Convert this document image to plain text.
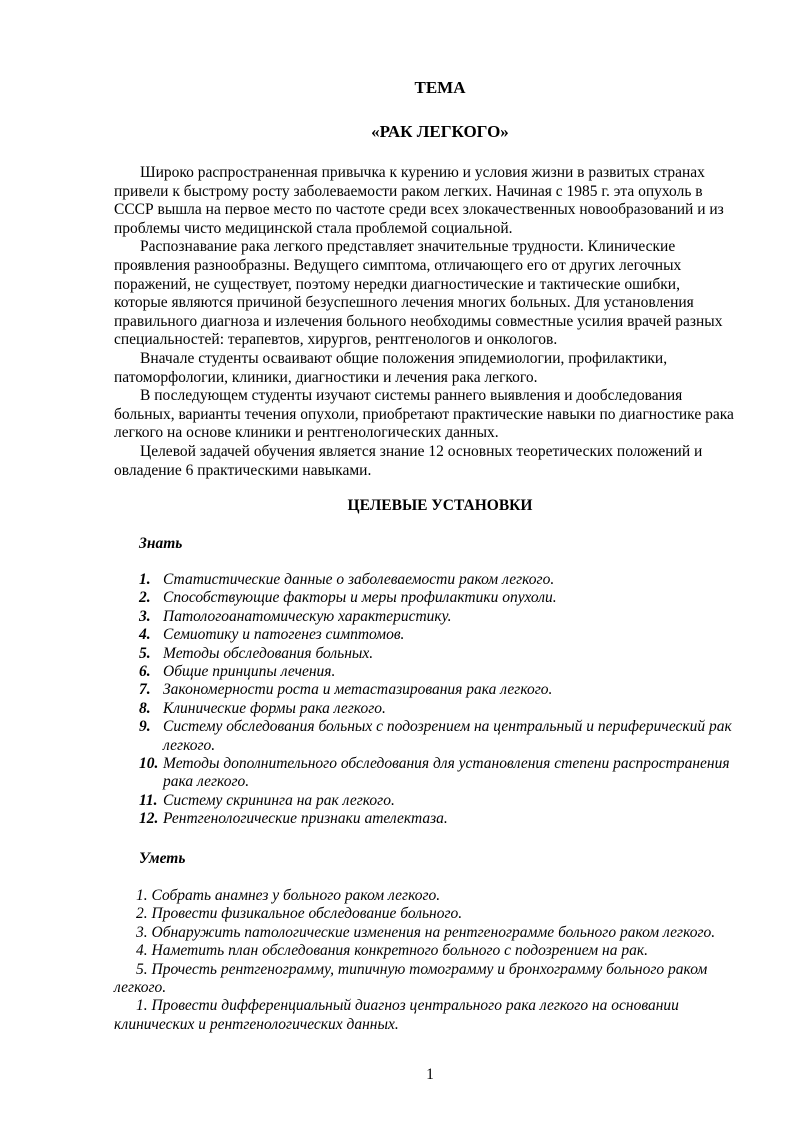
ТЕМА
«РАК ЛЕГКОГО»

Широко распространенная привычка к курению и условия жизни в развитых странах привели к быстрому росту заболеваемости раком легких. Начиная с 1985 г. эта опухоль в СССР вышла на первое место по частоте среди всех злокачественных новообразований и из проблемы чисто медицинской стала проблемой социальной.

Распознавание рака легкого представляет значительные трудности. Клинические проявления разнообразны. Ведущего симптома, отличающего его от других легочных поражений, не существует, поэтому нередки диагностические и тактические ошибки, которые являются причиной безуспешного лечения многих больных. Для установления правильного диагноза и излечения больного необходимы совместные усилия врачей разных специальностей: терапевтов, хирургов, рентгенологов и онкологов.

Вначале студенты осваивают общие положения эпидемиологии, профилактики, патоморфологии, клиники, диагностики и лечения рака легкого.

В последующем студенты изучают системы раннего выявления и дообследования больных, варианты течения опухоли, приобретают практические навыки по диагностике рака легкого на основе клиники и рентгенологических данных.

Целевой задачей обучения является знание 12 основных теоретических положений и овладение 6 практическими навыками.

ЦЕЛЕВЫЕ УСТАНОВКИ
Знать
1. Статистические данные о заболеваемости раком легкого.
2. Способствующие факторы и меры профилактики опухоли.
3. Патологоанатомическую характеристику.
4. Семиотику и патогенез симптомов.
5. Методы обследования больных.
6. Общие принципы лечения.
7. Закономерности роста и метастазирования рака легкого.
8. Клинические формы рака легкого.
9. Систему обследования больных с подозрением на центральный и периферический рак легкого.
10. Методы дополнительного обследования для установления степени распространения рака легкого.
11. Систему скрининга на рак легкого.
12. Рентгенологические признаки ателектаза.
Уметь

1. Собрать анамнез у больного раком легкого.

2. Провести физикальное обследование больного.

3. Обнаружить патологические изменения на рентгенограмме больного раком легкого.

4. Наметить план обследования конкретного больного с подозрением на рак.

5. Прочесть рентгенограмму, типичную томограмму и бронхограмму больного раком легкого.

1. Провести дифференциальный диагноз центрального рака легкого на основании клинических и рентгенологических данных.

1
